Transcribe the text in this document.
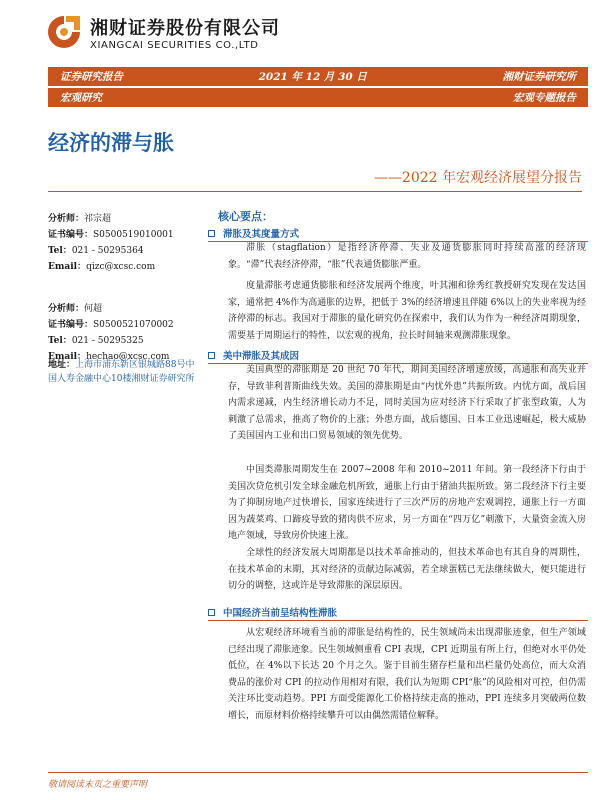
湘财证券股份有限公司
XIANGCAI SECURITIES CO.,LTD
证券研究报告	2021 年 12 月 30 日	湘财证券研究所
宏观研究	宏观专题报告
经济的滞与胀
——2022 年宏观经济展望分报告
分析师：祁宗超
证书编号：S0500519010001
Tel：021 - 50295364
Email：qizc@xcsc.com
分析师：何超
证书编号：S0500521070002
Tel：021 - 50295325
Email：hechao@xcsc.com
地址：上海市浦东新区银城路88号中国人寿金融中心10楼湘财证券研究所
核心要点：
滞胀及其度量方式

滞胀（stagflation）是指经济停滞、失业及通货膨胀同时持续高涨的经济现象。“滞”代表经济停滞，“胀”代表通货膨胀严重。

度量滞胀考虑通货膨胀和经济发展两个维度，叶其湘和徐秀红教授研究发现在发达国家，通常把 4%作为高通胀的边界，把低于 3%的经济增速且伴随 6%以上的失业率视为经济停滞的标志。我国对于滞胀的量化研究仍在探索中，我们认为作为一种经济周期现象，需要基于周期运行的特性，以宏观的视角，拉长时间轴来观测滞胀现象。

美中滞胀及其成因

美国典型的滞胀期是 20 世纪 70 年代，期间美国经济增速放缓，高通胀和高失业并存，导致菲利普斯曲线失效。美国的滞胀期是由“内忧外患”共振所致。内忧方面，战后国内需求递减，内生经济增长动力不足，同时美国为应对经济下行采取了扩张型政策，人为刺激了总需求，推高了物价的上涨；外患方面，战后德国、日本工业迅速崛起，极大威胁了美国国内工业和出口贸易领域的领先优势。

中国类滞胀周期发生在 2007~2008 年和 2010~2011 年间。第一段经济下行由于美国次贷危机引发全球金融危机所致，通胀上行由于猪油共振所致。第二段经济下行主要为了抑制房地产过快增长，国家连续进行了三次严厉的房地产宏观调控，通胀上行一方面因为蔬菜鸡、口蹄疫导致的猪肉供不应求，另一方面在“四万亿”刺激下，大量资金流入房地产领域，导致房价快速上涨。

全球性的经济发展大周期都是以技术革命推动的，但技术革命也有其自身的周期性，在技术革命的末期，其对经济的贡献边际减弱，若全球蛋糕已无法继续做大，便只能进行切分的调整，这或许是导致滞胀的深层原因。

中国经济当前呈结构性滞胀

从宏观经济环境看当前的滞胀是结构性的，民生领域尚未出现滞胀迹象，但生产领域已经出现了滞胀迹象。民生领域侧重看 CPI 表现，CPI 近期虽有所上行，但绝对水平仍处低位，在 4%以下长达 20 个月之久。鉴于目前生猪存栏量和出栏量仍处高位，而大众消费品的涨价对 CPI 的拉动作用相对有限，我们认为短期 CPI“胀”的风险相对可控，但仍需关注环比变动趋势。PPI 方面受能源化工价格持续走高的推动，PPI 连续多月突破两位数增长，而原材料价格持续攀升可以由偶然需错位解释。

敬请阅读末页之重要声明
